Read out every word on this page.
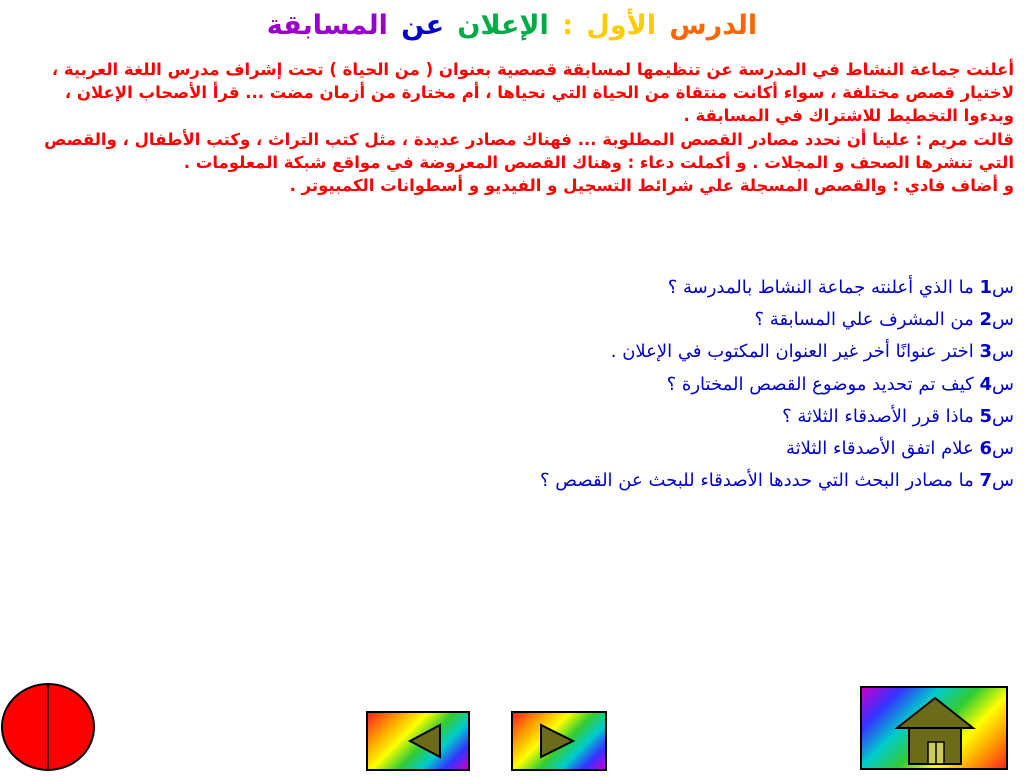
الدرس الأول : الإعلان عن المسابقة

أعلنت جماعة النشاط في المدرسة عن تنظيمها لمسابقة قصصية بعنوان ( من الحياة ) تحت إشراف مدرس اللغة العربية ، لاختيار قصص مختلفة ، سواء أكانت منتقاة من الحياة التي نحياها ، أم مختارة من أزمان مضت ... قرأ الأصحاب الإعلان ، وبدءوا التخطيط للاشتراك في المسابقة .

قالت مريم : علينا أن نحدد مصادر القصص المطلوبة ... فهناك مصادر عديدة ، مثل كتب التراث ، وكتب الأطفال ، والقصص التي تنشرها الصحف و المجلات . و أكملت دعاء : وهناك القصص المعروضة في مواقع شبكة المعلومات .

و أضاف فادي : والقصص المسجلة علي شرائط التسجيل و الفيديو و أسطوانات الكمبيوتر .

س1 ما الذي أعلنته جماعة النشاط بالمدرسة ؟
س2 من المشرف علي المسابقة ؟
س3 اختر عنوانًا أخر غير العنوان المكتوب في الإعلان .
س4 كيف تم تحديد موضوع القصص المختارة ؟
س5 ماذا قرر الأصدقاء الثلاثة ؟
س6 علام اتفق الأصدقاء الثلاثة
س7 ما مصادر البحث التي حددها الأصدقاء للبحث عن القصص ؟
